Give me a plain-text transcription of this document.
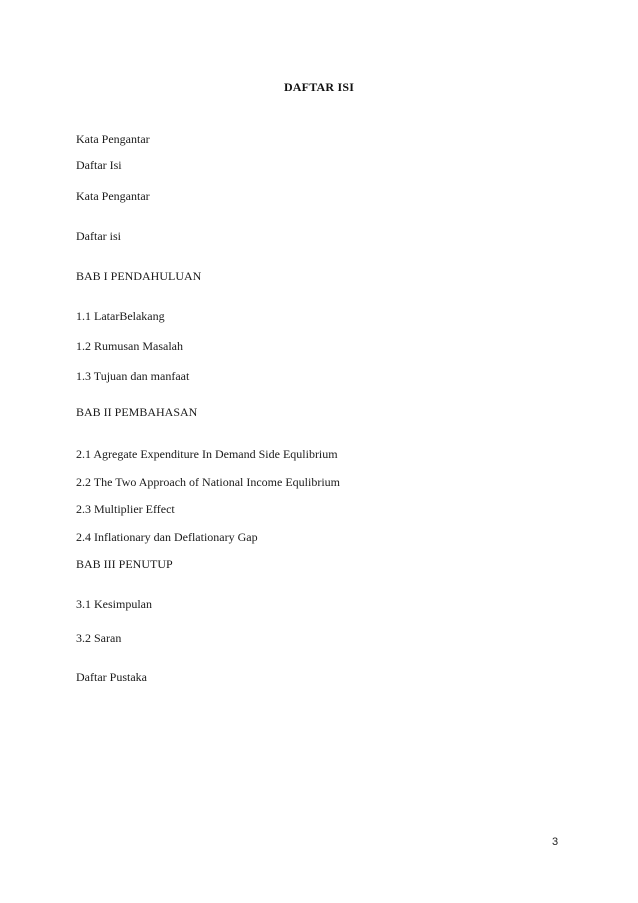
DAFTAR ISI
Kata Pengantar
Daftar Isi
Kata Pengantar
Daftar isi
BAB I PENDAHULUAN
1.1 LatarBelakang
1.2 Rumusan Masalah
1.3 Tujuan dan manfaat
BAB II PEMBAHASAN
2.1 Agregate Expenditure In Demand Side Equlibrium
2.2 The Two Approach of National Income Equlibrium
2.3 Multiplier Effect
2.4 Inflationary dan Deflationary Gap
BAB III PENUTUP
3.1 Kesimpulan
3.2 Saran
Daftar Pustaka
3
